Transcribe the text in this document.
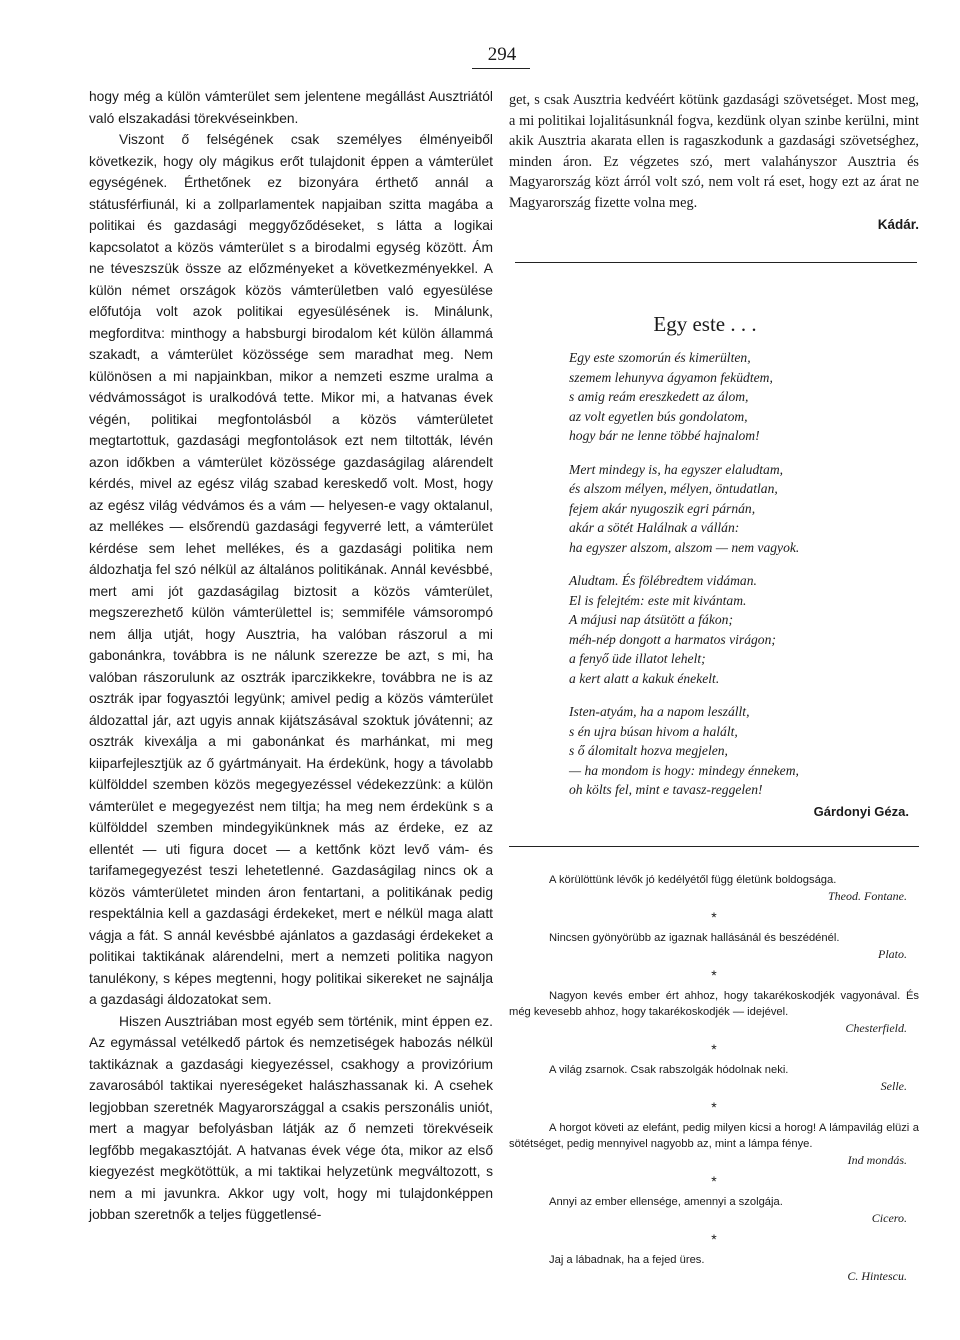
294

hogy még a külön vámterület sem jelentene megállást Ausztriától való elszakadási törekvéseinkben.

Viszont ő felségének csak személyes élményeiből következik, hogy oly mágikus erőt tulajdonit éppen a vámterület egységének. Érthetőnek ez bizonyára érthető annál a státusférfiunál, ki a zollparlamentek napjaiban szitta magába a politikai és gazdasági meggyőződéseket, s látta a logikai kapcsolatot a közös vámterület s a birodalmi egység között. Ám ne téveszszük össze az előzményeket a következményekkel. A külön német országok közös vámterületben való egyesülése előfutója volt azok politikai egyesülésének is. Minálunk, megforditva: minthogy a habsburgi birodalom két külön állammá szakadt, a vámterület közössége sem maradhat meg. Nem különösen a mi napjainkban, mikor a nemzeti eszme uralma a védvámosságot is uralkodóvá tette. Mikor mi, a hatvanas évek végén, politikai megfontolásból a közös vámterületet megtartottuk, gazdasági megfontolások ezt nem tiltották, lévén azon időkben a vámterület közössége gazdaságilag alárendelt kérdés, mivel az egész világ szabad kereskedő volt. Most, hogy az egész világ védvámos és a vám — helyesen-e vagy oktalanul, az mellékes — elsőrendü gazdasági fegyverré lett, a vámterület kérdése sem lehet mellékes, és a gazdasági politika nem áldozhatja fel szó nélkül az általános politikának. Annál kevésbbé, mert ami jót gazdaságilag biztosit a közös vámterület, megszerezhető külön vámterülettel is; semmiféle vámsorompó nem állja utját, hogy Ausztria, ha valóban rászorul a mi gabonánkra, továbbra is ne nálunk szerezze be azt, s mi, ha valóban rászorulunk az osztrák iparczikkekre, továbbra ne is az osztrák ipar fogyasztói legyünk; amivel pedig a közös vámterület áldozattal jár, azt ugyis annak kijátszásával szoktuk jóvátenni; az osztrák kivexálja a mi gabonánkat és marhánkat, mi meg kiiparfejlesztjük az ő gyártmányait. Ha érdekünk, hogy a távolabb külfölddel szemben közös megegyezéssel védekezzünk: a külön vámterület e megegyezést nem tiltja; ha meg nem érdekünk s a külfölddel szemben mindegyikünknek más az érdeke, ez az ellentét — uti figura docet — a kettőnk közt levő vám- és tarifamegegyezést teszi lehetetlenné. Gazdaságilag nincs ok a közös vámterületet minden áron fentartani, a politikának pedig respektálnia kell a gazdasági érdekeket, mert e nélkül maga alatt vágja a fát. S annál kevésbbé ajánlatos a gazdasági érdekeket a politikai taktikának alárendelni, mert a nemzeti politika nagyon tanulékony, s képes megtenni, hogy politikai sikereket ne sajnálja a gazdasági áldozatokat sem.

Hiszen Ausztriában most egyéb sem történik, mint éppen ez. Az egymással vetélkedő pártok és nemzetiségek habozás nélkül taktikáznak a gazdasági kiegyezéssel, csakhogy a provizórium zavarosából taktikai nyereségeket halászhassanak ki. A csehek legjobban szeretnék Magyarországgal a csakis perszonális uniót, mert a magyar befolyásban látják az ő nemzeti törekvéseik legfőbb megakasztóját. A hatvanas évek vége óta, mikor az első kiegyezést megkötöttük, a mi taktikai helyzetünk megváltozott, s nem a mi javunkra. Akkor ugy volt, hogy mi tulajdonképpen jobban szeretnők a teljes függetlensé-

get, s csak Ausztria kedvéért kötünk gazdasági szövetséget. Most meg, a mi politikai lojalitásunknál fogva, kezdünk olyan szinbe kerülni, mint akik Ausztria akarata ellen is ragaszkodunk a gazdasági szövetséghez, minden áron. Ez végzetes szó, mert valahányszor Ausztria és Magyarország közt árról volt szó, nem volt rá eset, hogy ezt az árat ne Magyarország fizette volna meg.

Kádár.
Egy este . . .
Egy este szomorún és kimerülten,
szemem lehunyva ágyamon feküdtem,
s amig reám ereszkedett az álom,
az volt egyetlen bús gondolatom,
hogy bár ne lenne többé hajnalom!
Mert mindegy is, ha egyszer elaludtam,
és alszom mélyen, mélyen, öntudatlan,
fejem akár nyugoszik egri párnán,
akár a sötét Halálnak a vállán:
ha egyszer alszom, alszom — nem vagyok.
Aludtam. És fölébredtem vidáman.
El is felejtém: este mit kivántam.
A májusi nap átsütött a fákon;
méh-nép dongott a harmatos virágon;
a fenyő üde illatot lehelt;
a kert alatt a kakuk énekelt.
Isten-atyám, ha a napom leszállt,
s én ujra búsan hivom a halált,
s ő álomitalt hozva megjelen,
— ha mondom is hogy: mindegy énnekem,
oh költs fel, mint e tavasz-reggelen!
Gárdonyi Géza.
A körülöttünk lévők jó kedélyétől függ életünk boldogsága.
Theod. Fontane.
*
Nincsen gyönyörübb az igaznak hallásánál és beszédénél.
Plato.
*
Nagyon kevés ember ért ahhoz, hogy takarékoskodjék vagyonával. És még kevesebb ahhoz, hogy takarékoskodjék — idejével.
Chesterfield.
*
A világ zsarnok. Csak rabszolgák hódolnak neki.
Selle.
*
A horgot követi az elefánt, pedig milyen kicsi a horog! A lámpavilág elüzi a sötétséget, pedig mennyivel nagyobb az, mint a lámpa fénye.
Ind mondás.
*
Annyi az ember ellensége, amennyi a szolgája.
Cicero.
*
Jaj a lábadnak, ha a fejed üres.
C. Hintescu.
